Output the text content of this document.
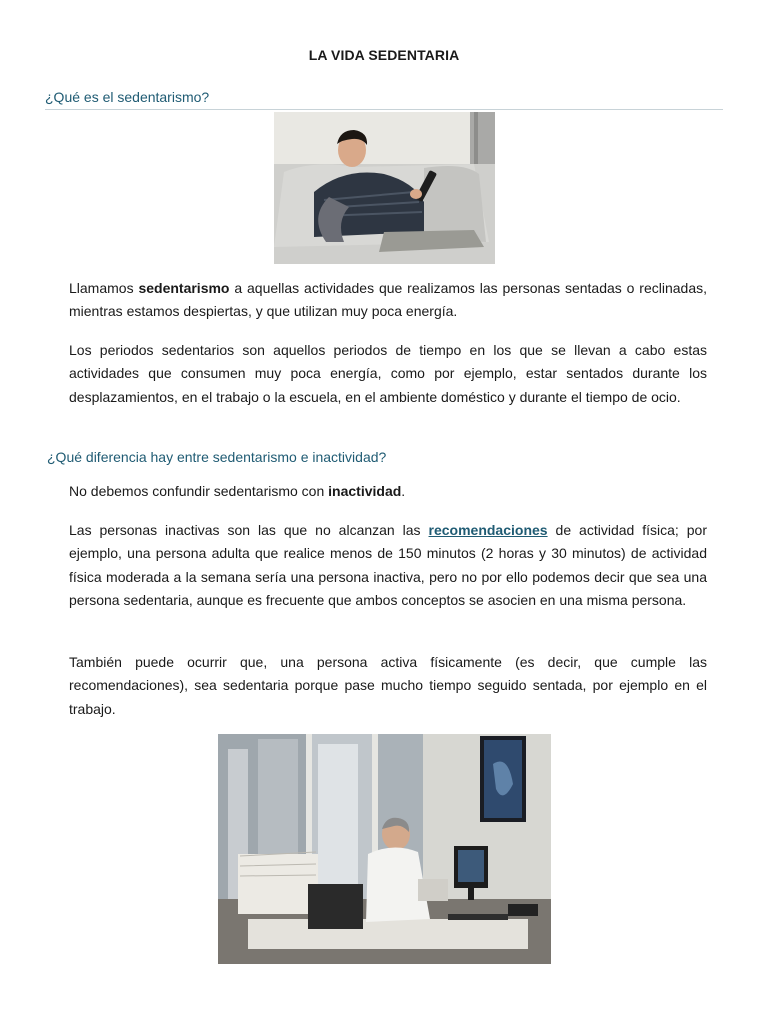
LA VIDA SEDENTARIA
¿Qué es el sedentarismo?

Llamamos sedentarismo a aquellas actividades que realizamos las personas sentadas o reclinadas, mientras estamos despiertas, y que utilizan muy poca energía.

Los periodos sedentarios son aquellos periodos de tiempo en los que se llevan a cabo estas actividades que consumen muy poca energía, como por ejemplo, estar sentados durante los desplazamientos, en el trabajo o la escuela, en el ambiente doméstico y durante el tiempo de ocio.

¿Qué diferencia hay entre sedentarismo e inactividad?

No debemos confundir sedentarismo con inactividad.

Las personas inactivas son las que no alcanzan las recomendaciones de actividad física; por ejemplo, una persona adulta que realice menos de 150 minutos (2 horas y 30 minutos) de actividad física moderada a la semana sería una persona inactiva, pero no por ello podemos decir que sea una persona sedentaria, aunque es frecuente que ambos conceptos se asocien en una misma persona.

También puede ocurrir que, una persona activa físicamente (es decir, que cumple las recomendaciones), sea sedentaria porque pase mucho tiempo seguido sentada, por ejemplo en el trabajo.
